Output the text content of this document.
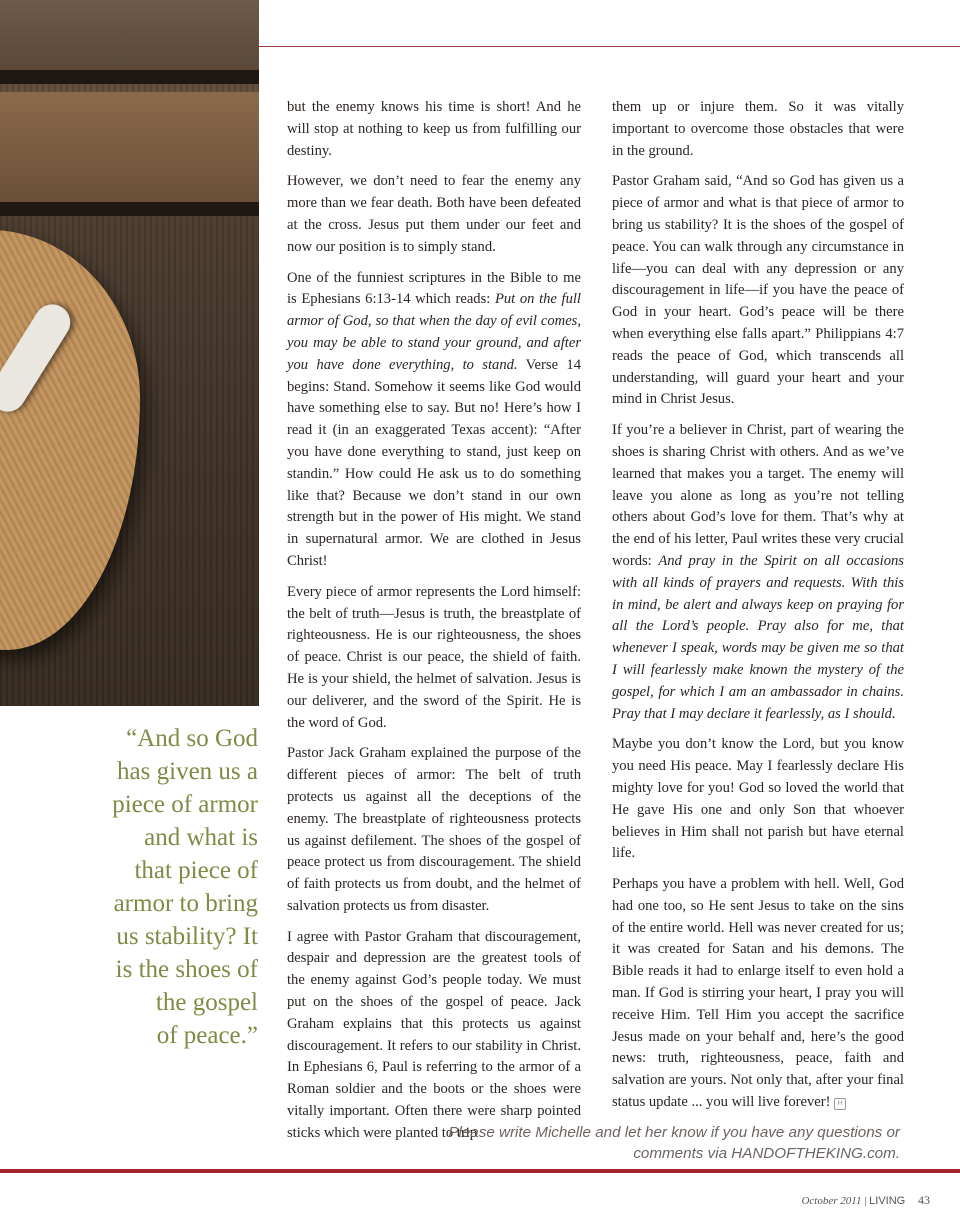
“And so God
has given us a
piece of armor
and what is
that piece of
armor to bring
us stability? It
is the shoes of
the gospel
of peace.”

but the enemy knows his time is short! And he will stop at nothing to keep us from fulfilling our destiny.

However, we don’t need to fear the enemy any more than we fear death. Both have been defeated at the cross. Jesus put them under our feet and now our position is to simply stand.

One of the funniest scriptures in the Bible to me is Ephesians 6:13-14 which reads: Put on the full armor of God, so that when the day of evil comes, you may be able to stand your ground, and after you have done everything, to stand. Verse 14 begins: Stand. Somehow it seems like God would have something else to say. But no! Here’s how I read it (in an exaggerated Texas accent): “After you have done everything to stand, just keep on standin.” How could He ask us to do something like that? Because we don’t stand in our own strength but in the power of His might. We stand in supernatural armor. We are clothed in Jesus Christ!

Every piece of armor represents the Lord himself: the belt of truth—Jesus is truth, the breastplate of righteousness. He is our righteousness, the shoes of peace. Christ is our peace, the shield of faith. He is your shield, the helmet of salvation. Jesus is our deliverer, and the sword of the Spirit. He is the word of God.

Pastor Jack Graham explained the purpose of the different pieces of armor: The belt of truth protects us against all the deceptions of the enemy. The breastplate of righteousness protects us against defilement. The shoes of the gospel of peace protect us from discouragement. The shield of faith protects us from doubt, and the helmet of salvation protects us from disaster.

I agree with Pastor Graham that discouragement, despair and depression are the greatest tools of the enemy against God’s people today. We must put on the shoes of the gospel of peace. Jack Graham explains that this protects us against discouragement. It refers to our stability in Christ. In Ephesians 6, Paul is referring to the armor of a Roman soldier and the boots or the shoes were vitally important. Often there were sharp pointed sticks which were planted to trip

them up or injure them. So it was vitally important to overcome those obstacles that were in the ground.

Pastor Graham said, “And so God has given us a piece of armor and what is that piece of armor to bring us stability? It is the shoes of the gospel of peace. You can walk through any circumstance in life—you can deal with any depression or any discouragement in life—if you have the peace of God in your heart. God’s peace will be there when everything else falls apart.” Philippians 4:7 reads the peace of God, which transcends all understanding, will guard your heart and your mind in Christ Jesus.

If you’re a believer in Christ, part of wearing the shoes is sharing Christ with others. And as we’ve learned that makes you a target. The enemy will leave you alone as long as you’re not telling others about God’s love for them. That’s why at the end of his letter, Paul writes these very crucial words: And pray in the Spirit on all occasions with all kinds of prayers and requests. With this in mind, be alert and always keep on praying for all the Lord’s people. Pray also for me, that whenever I speak, words may be given me so that I will fearlessly make known the mystery of the gospel, for which I am an ambassador in chains. Pray that I may declare it fearlessly, as I should.

Maybe you don’t know the Lord, but you know you need His peace. May I fearlessly declare His mighty love for you! God so loved the world that He gave His one and only Son that whoever believes in Him shall not parish but have eternal life.

Perhaps you have a problem with hell. Well, God had one too, so He sent Jesus to take on the sins of the entire world. Hell was never created for us; it was created for Satan and his demons. The Bible reads it had to enlarge itself to even hold a man. If God is stirring your heart, I pray you will receive Him. Tell Him you accept the sacrifice Jesus made on your behalf and, here’s the good news: truth, righteousness, peace, faith and salvation are yours. Not only that, after your final status update ... you will live forever! H

Please write Michelle and let her know if you have any questions or
comments via HANDOFTHEKING.com.
October 2011 | LIVING 43
